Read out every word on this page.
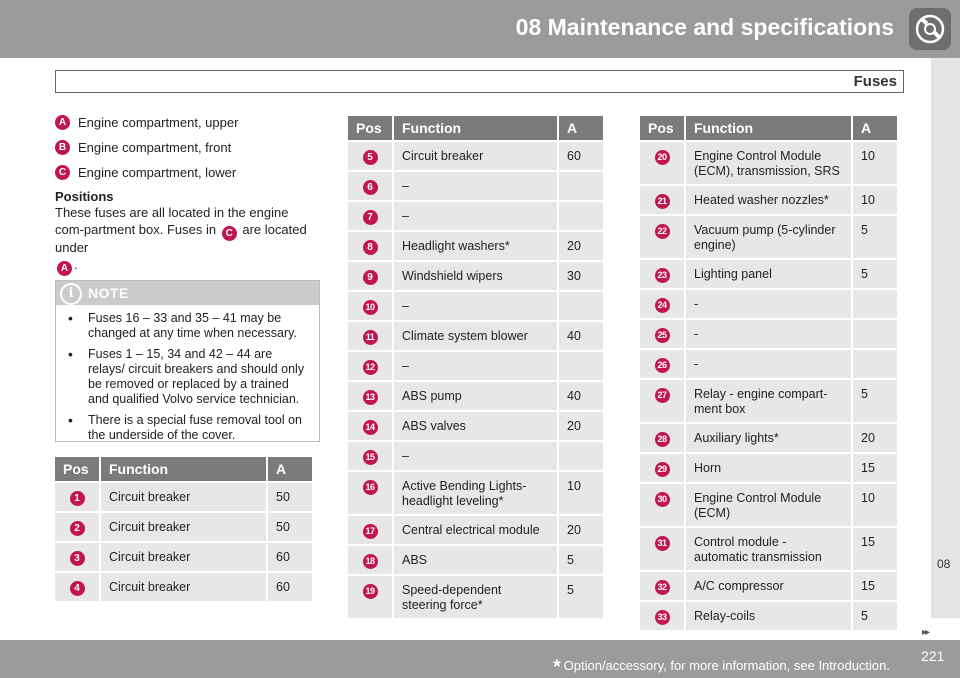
08 Maintenance and specifications
Fuses
A Engine compartment, upper
B Engine compartment, front
C Engine compartment, lower
Positions

These fuses are all located in the engine com-partment box. Fuses in C are located under
A .

i	NOTE
• Fuses 16 – 33 and 35 – 41 may be changed at any time when necessary.
• Fuses 1 – 15, 34 and 42 – 44 are relays/ circuit breakers and should only be removed or replaced by a trained and qualified Volvo service technician.
• There is a special fuse removal tool on the underside of the cover.
Pos	Function	A
1	Circuit breaker	50
2	Circuit breaker	50
3	Circuit breaker	60
4	Circuit breaker	60
Pos	Function	A
5	Circuit breaker	60
6	–	
7	–	
8	Headlight washers*	20
9	Windshield wipers	30
10	–	
11	Climate system blower	40
12	–	
13	ABS pump	40
14	ABS valves	20
15	–	
16	Active Bending Lights-headlight leveling*	10
17	Central electrical module	20
18	ABS	5
19	Speed-dependent steering force*	5
Pos	Function	A
20	Engine Control Module (ECM), transmission, SRS	10
21	Heated washer nozzles*	10
22	Vacuum pump (5-cylinder engine)	5
23	Lighting panel	5
24	-	
25	-	
26	-	
27	Relay - engine compart-ment box	5
28	Auxiliary lights*	20
29	Horn	15
30	Engine Control Module (ECM)	10
31	Control module - automatic transmission	15
32	A/C compressor	15
33	Relay-coils	5
08
▸▸
* Option/accessory, for more information, see Introduction.
221
